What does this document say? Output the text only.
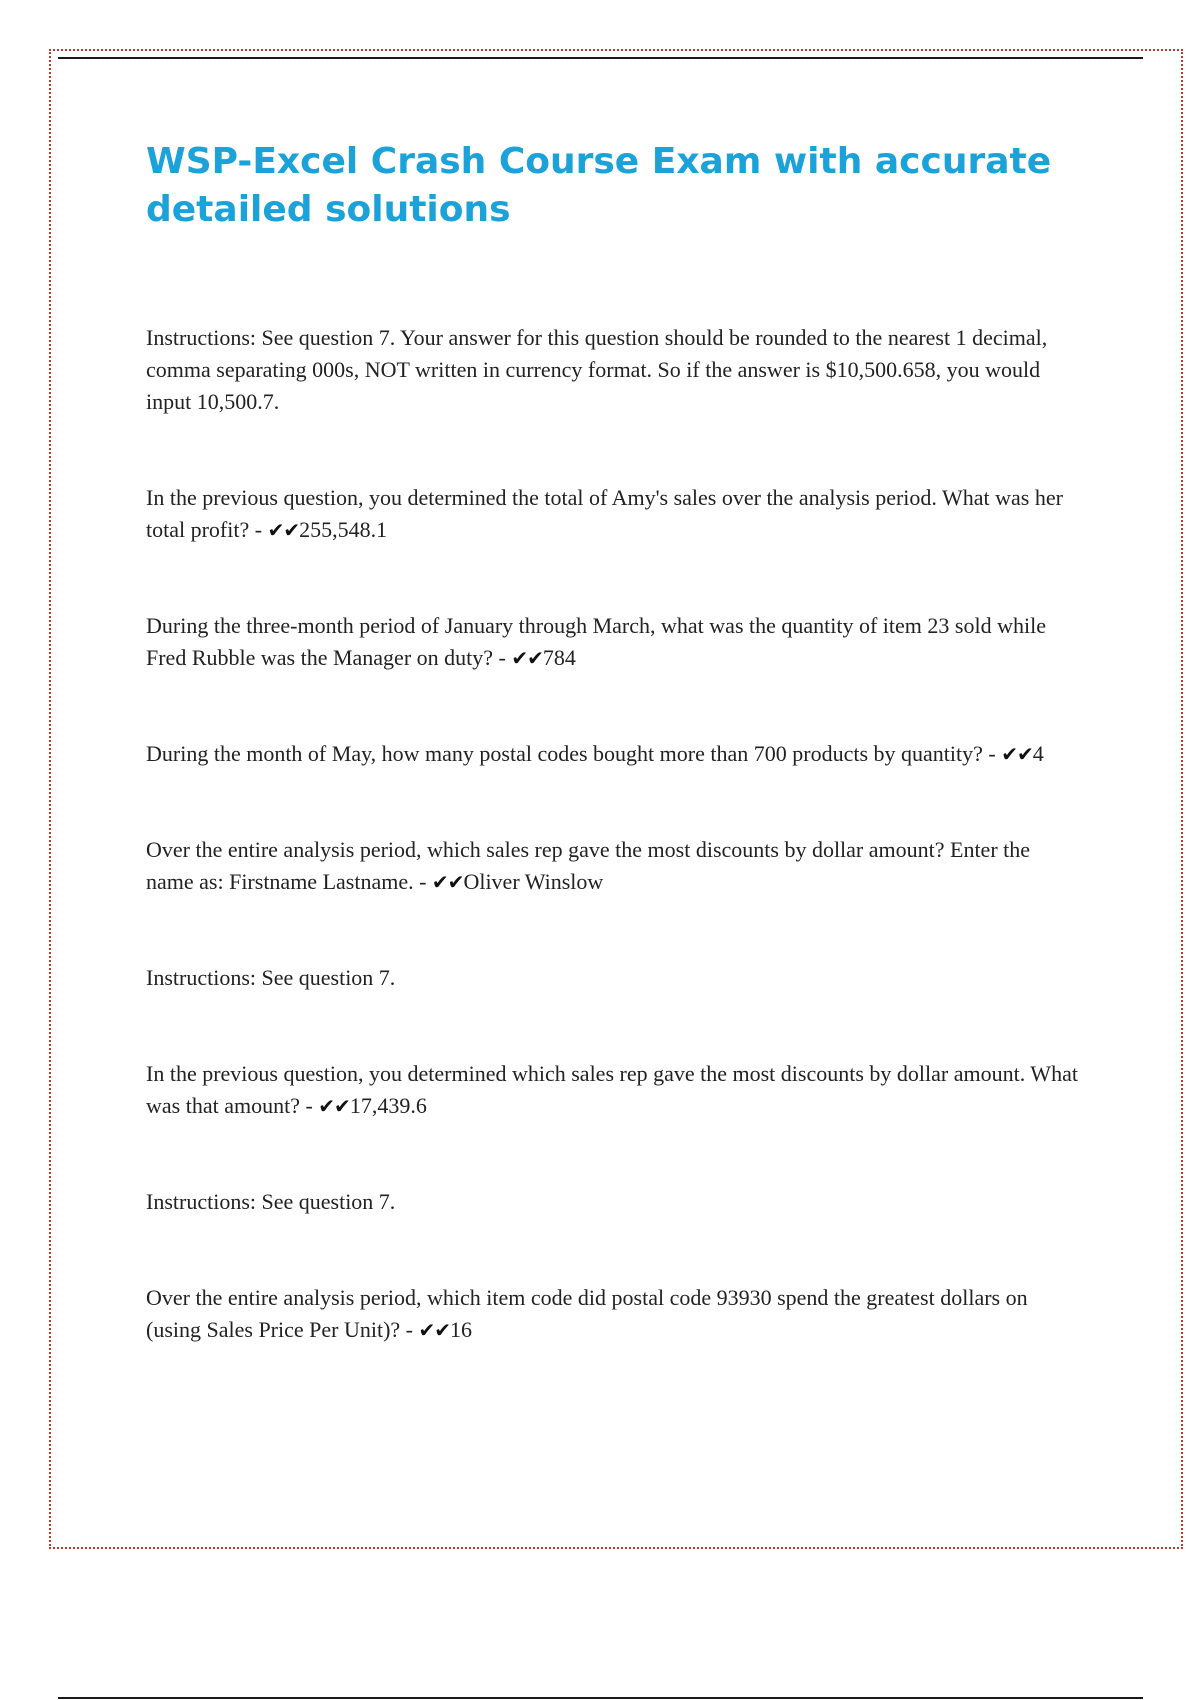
WSP-Excel Crash Course Exam with accurate detailed solutions
Instructions: See question 7. Your answer for this question should be rounded to the nearest 1 decimal, comma separating 000s, NOT written in currency format. So if the answer is $10,500.658, you would input 10,500.7.
In the previous question, you determined the total of Amy's sales over the analysis period. What was her total profit? - ✔✔255,548.1
During the three-month period of January through March, what was the quantity of item 23 sold while Fred Rubble was the Manager on duty? - ✔✔784
During the month of May, how many postal codes bought more than 700 products by quantity? - ✔✔4
Over the entire analysis period, which sales rep gave the most discounts by dollar amount? Enter the name as: Firstname Lastname. - ✔✔Oliver Winslow
Instructions: See question 7.
In the previous question, you determined which sales rep gave the most discounts by dollar amount. What was that amount? - ✔✔17,439.6
Instructions: See question 7.
Over the entire analysis period, which item code did postal code 93930 spend the greatest dollars on (using Sales Price Per Unit)? - ✔✔16
